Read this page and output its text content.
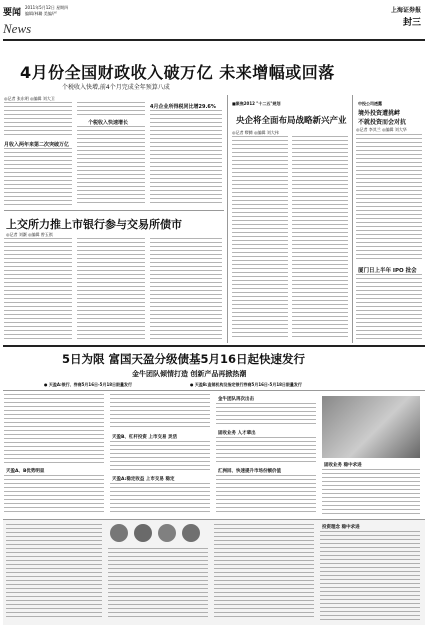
要闻
2011年5月12日 星期四
编辑/林璐 美编/严	上海证券报
封三
News
4月份全国财政收入破万亿 未来增幅或回落
个税收入快增,前4个月完成全年预算八成
◎记者 张东明 ◎编辑 刘大卫
月收入两年来第二次突破万亿
个税收入快速增长
4月企业所得税同比增29.6%
上交所力推上市银行参与交易所债市
◎记者 刘灏 ◎编辑 曾玉祺
■聚焦2012 "十二五"规划
央企将全面布局战略新兴产业
◎记者 缪腾 ◎编辑 刘大伟
中投公司透露
境外投资遭挑衅
不就投资而会对抗
◎记者 李其兰 ◎编辑 刘大华
厦门日上半年 IPO 批会
5日为限 富国天盈分级债基5月16日起快速发行
金牛团队倾情打造 创新产品再掀热潮
● 天盈A:银行、券商5月16日-5月18日限量发行	● 天盈B:直销机构及指定银行券商5月16日-5月18日限量发行
天盈A、B优势明显
天盈B、杠杆投资 上市交易 灵活
天盈A:稳定收益 上市交易 稳定
金牛团队再次出击
固收业务 人才辈出
汇洲回、快速提升市场份额价值
固收业务 稳中求进
投资理念 稳中求进
